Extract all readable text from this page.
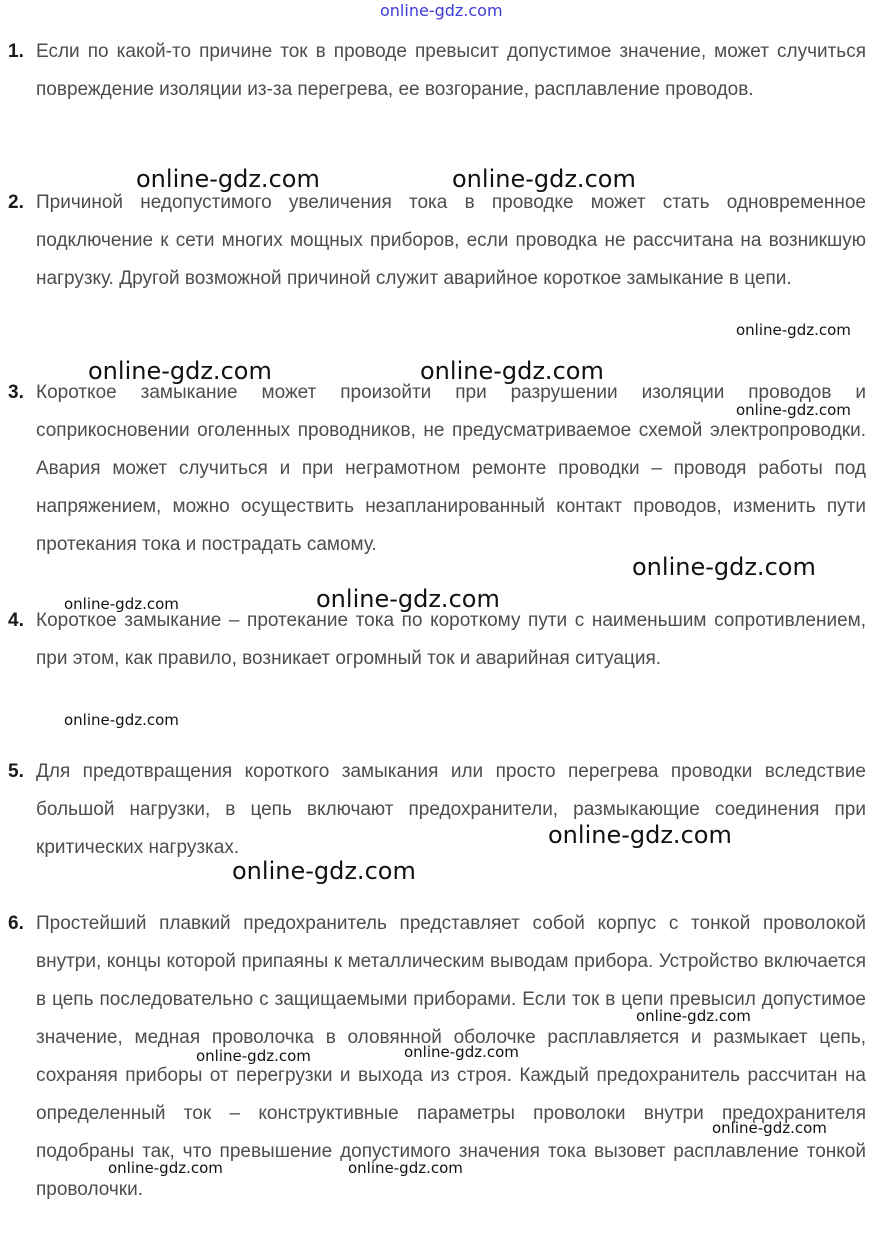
online-gdz.com
1. Если по какой-то причине ток в проводе превысит допустимое значение, может случиться повреждение изоляции из-за перегрева, ее возгорание, расплавление проводов.
2. Причиной недопустимого увеличения тока в проводке может стать одновременное подключение к сети многих мощных приборов, если проводка не рассчитана на возникшую нагрузку. Другой возможной причиной служит аварийное короткое замыкание в цепи.
3. Короткое замыкание может произойти при разрушении изоляции проводов и соприкосновении оголенных проводников, не предусматриваемое схемой электропроводки. Авария может случиться и при неграмотном ремонте проводки – проводя работы под напряжением, можно осуществить незапланированный контакт проводов, изменить пути протекания тока и пострадать самому.
4. Короткое замыкание – протекание тока по короткому пути с наименьшим сопротивлением, при этом, как правило, возникает огромный ток и аварийная ситуация.
5. Для предотвращения короткого замыкания или просто перегрева проводки вследствие большой нагрузки, в цепь включают предохранители, размыкающие соединения при критических нагрузках.
6. Простейший плавкий предохранитель представляет собой корпус с тонкой проволокой внутри, концы которой припаяны к металлическим выводам прибора. Устройство включается в цепь последовательно с защищаемыми приборами. Если ток в цепи превысил допустимое значение, медная проволочка в оловянной оболочке расплавляется и размыкает цепь, сохраняя приборы от перегрузки и выхода из строя. Каждый предохранитель рассчитан на определенный ток – конструктивные параметры проволоки внутри предохранителя подобраны так, что превышение допустимого значения тока вызовет расплавление тонкой проволочки.
online-gdz.com	online-gdz.com
online-gdz.com
online-gdz.com	online-gdz.com
online-gdz.com
online-gdz.com
online-gdz.com	online-gdz.com
online-gdz.com
online-gdz.com
online-gdz.com
online-gdz.com
online-gdz.com
online-gdz.com
online-gdz.com
online-gdz.com	online-gdz.com
